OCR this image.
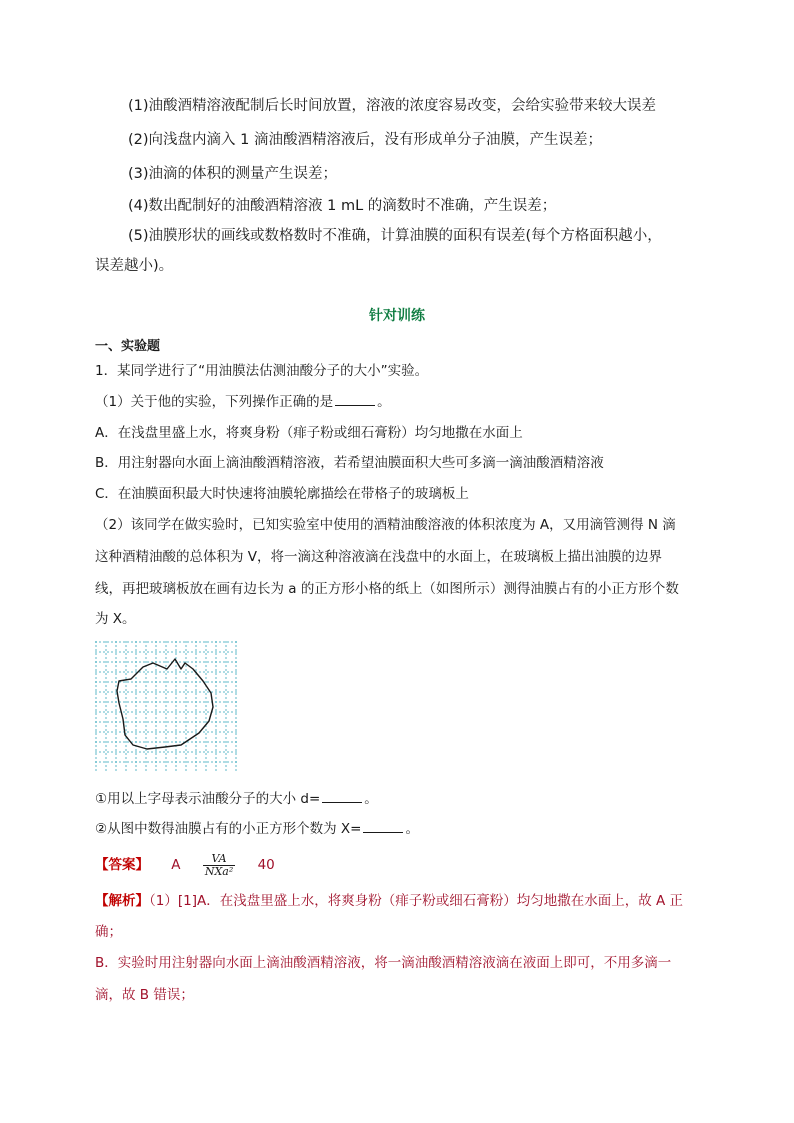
(1)油酸酒精溶液配制后长时间放置，溶液的浓度容易改变，会给实验带来较大误差
(2)向浅盘内滴入 1 滴油酸酒精溶液后，没有形成单分子油膜，产生误差；
(3)油滴的体积的测量产生误差；
(4)数出配制好的油酸酒精溶液 1 mL 的滴数时不准确，产生误差；
(5)油膜形状的画线或数格数时不准确，计算油膜的面积有误差(每个方格面积越小，
误差越小)。
针对训练
一、实验题
1．某同学进行了“用油膜法估测油酸分子的大小”实验。
（1）关于他的实验，下列操作正确的是	。
A．在浅盘里盛上水，将爽身粉（痱子粉或细石膏粉）均匀地撒在水面上
B．用注射器向水面上滴油酸酒精溶液，若希望油膜面积大些可多滴一滴油酸酒精溶液
C．在油膜面积最大时快速将油膜轮廓描绘在带格子的玻璃板上
（2）该同学在做实验时，已知实验室中使用的酒精油酸溶液的体积浓度为 A，又用滴管测得 N 滴
这种酒精油酸的总体积为 V，将一滴这种溶液滴在浅盘中的水面上，在玻璃板上描出油膜的边界
线，再把玻璃板放在画有边长为 a 的正方形小格的纸上（如图所示）测得油膜占有的小正方形个数
为 X。
①用以上字母表示油酸分子的大小 d=	。
②从图中数得油膜占有的小正方形个数为 X=	。
【答案】 A $\frac{VA}{\text{NXa²}} 40$
【解析】（1）[1]A．在浅盘里盛上水，将爽身粉（痱子粉或细石膏粉）均匀地撒在水面上，故 A 正
确；
B．实验时用注射器向水面上滴油酸酒精溶液，将一滴油酸酒精溶液滴在液面上即可，不用多滴一
滴，故 B 错误；
